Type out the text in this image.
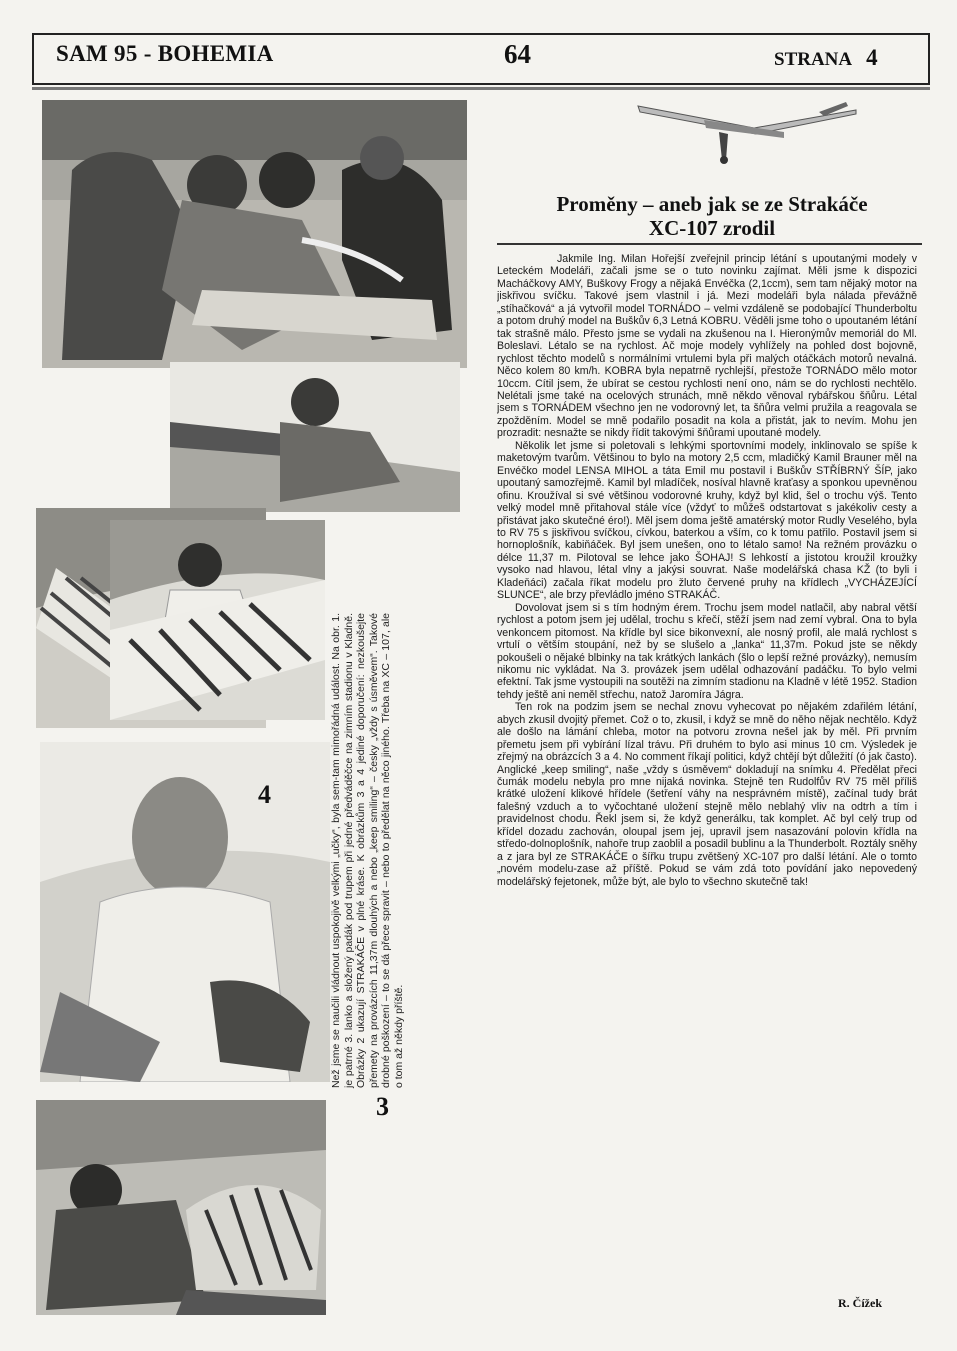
SAM 95 - BOHEMIA	64	STRANA 4
4
3
Než jsme se naučili vládnout uspokojivě velkými „učky“, byla sem-tam mimořádná událost. Na obr. 1. je patrné 3. lanko a složený padák pod trupem při jedné předváděčce na zimním stadionu v Kladně. Obrázky 2 ukazují STRAKÁČE v plné kráse. K obrázkům 3 a 4 jediné doporučení: nezkoušejte přemety na provázcích 11,37m dlouhých a nebo „keep smiling“ – česky „vždy s úsměvem“. Takové drobné poškození – to se dá přece spravit – nebo to předělat na něco jiného. Třeba na XC – 107, ale o tom až někdy příště.
Proměny – aneb jak se ze Strakáče
XC-107 zrodil

Jakmile Ing. Milan Hořejší zveřejnil princip létání s upoutanými modely v Leteckém Modeláři, začali jsme se o tuto novinku zajímat. Měli jsme k dispozici Macháčkovy AMY, Buškovy Frogy a nějaká Envéčka (2,1ccm), sem tam nějaký motor na jiskřivou svíčku. Takové jsem vlastnil i já. Mezi modeláři byla nálada převážně „stíhačková“ a já vytvořil model TORNÁDO – velmi vzdáleně se podobající Thunderboltu a potom druhý model na Buškův 6,3 Letná KOBRU. Věděli jsme toho o upoutaném létání tak strašně málo. Přesto jsme se vydali na zkušenou na I. Hieronýmův memoriál do Ml. Boleslavi. Létalo se na rychlost. Ač moje modely vyhlížely na pohled dost bojovně, rychlost těchto modelů s normálními vrtulemi byla při malých otáčkách motorů nevalná. Něco kolem 80 km/h. KOBRA byla nepatrně rychlejší, přestože TORNÁDO mělo motor 10ccm. Cítil jsem, že ubírat se cestou rychlosti není ono, nám se do rychlosti nechtělo. Nelétali jsme také na ocelových strunách, mně někdo věnoval rybářskou šňůru. Létal jsem s TORNÁDEM všechno jen ne vodorovný let, ta šňůra velmi pružila a reagovala se zpožděním. Model se mně podařilo posadit na kola a přistát, jak to nevím. Mohu jen prozradit: nesnažte se nikdy řídit takovými šňůrami upoutané modely.

Několik let jsme si poletovali s lehkými sportovními modely, inklinovalo se spíše k maketovým tvarům. Většinou to bylo na motory 2,5 ccm, mladičký Kamil Brauner měl na Envéčko model LENSA MIHOL a táta Emil mu postavil i Buškův STŘÍBRNÝ ŠÍP, jako upoutaný samozřejmě. Kamil byl mladíček, nosíval hlavně kraťasy a sponkou upevněnou ofinu. Kroužíval si své většinou vodorovné kruhy, když byl klid, šel o trochu výš. Tento velký model mně přitahoval stále více (vždyť to můžeš odstartovat s jakékoliv cesty a přistávat jako skutečné éro!). Měl jsem doma ještě amatérský motor Rudly Veselého, byla to RV 75 s jiskřivou svíčkou, cívkou, baterkou a vším, co k tomu patřilo. Postavil jsem si hornoplošník, kabiňáček. Byl jsem unešen, ono to létalo samo! Na režném provázku o délce 11,37 m. Pilotoval se lehce jako ŠOHAJ! S lehkostí a jistotou kroužil kroužky vysoko nad hlavou, létal vlny a jakýsi souvrat. Naše modelářská chasa KŽ (to byli i Kladeňáci) začala říkat modelu pro žluto červené pruhy na křídlech „VYCHÁZEJÍCÍ SLUNCE“, ale brzy převládlo jméno STRAKÁČ.

Dovolovat jsem si s tím hodným érem. Trochu jsem model natlačil, aby nabral větší rychlost a potom jsem jej udělal, trochu s křečí, stěží jsem nad zemí vybral. Ona to byla venkoncem pitomost. Na křídle byl sice bikonvexní, ale nosný profil, ale malá rychlost s vrtulí o větším stoupání, než by se slušelo a „lanka“ 11,37m. Pokud jste se někdy pokoušeli o nějaké blbinky na tak krátkých lankách (šlo o lepší režné provázky), nemusím nikomu nic vykládat. Na 3. provázek jsem udělal odhazování padáčku. To bylo velmi efektní. Tak jsme vystoupili na soutěži na zimním stadionu na Kladně v létě 1952. Stadion tehdy ještě ani neměl střechu, natož Jaromíra Jágra.

Ten rok na podzim jsem se nechal znovu vyhecovat po nějakém zdařilém létání, abych zkusil dvojitý přemet. Což o to, zkusil, i když se mně do něho nějak nechtělo. Když ale došlo na lámání chleba, motor na potvoru zrovna nešel jak by měl. Při prvním přemetu jsem při vybírání lízal trávu. Při druhém to bylo asi minus 10 cm. Výsledek je zřejmý na obrázcích 3 a 4. No comment říkají politici, když chtějí být důležití (ó jak často). Anglické „keep smiling“, naše „vždy s úsměvem“ dokladují na snímku 4. Předělat přeci čumák modelu nebyla pro mne nijaká novinka. Stejně ten Rudolfův RV 75 měl příliš krátké uložení klikové hřídele (šetření váhy na nesprávném místě), začínal tudy brát falešný vzduch a to vyčochtané uložení stejně mělo neblahý vliv na odtrh a tím i pravidelnost chodu. Řekl jsem si, že když generálku, tak komplet. Ač byl celý trup od křídel dozadu zachován, oloupal jsem jej, upravil jsem nasazování polovin křídla na středo-dolnoplošník, nahoře trup zaoblil a posadil bublinu a la Thunderbolt. Roztály sněhy a z jara byl ze STRAKÁČE o šířku trupu zvětšený XC-107 pro další létání. Ale o tomto „novém modelu-zase až příště. Pokud se vám zdá toto povídání jako nepovedený modelářský fejetonek, může být, ale bylo to všechno skutečně tak!

R. Čížek
